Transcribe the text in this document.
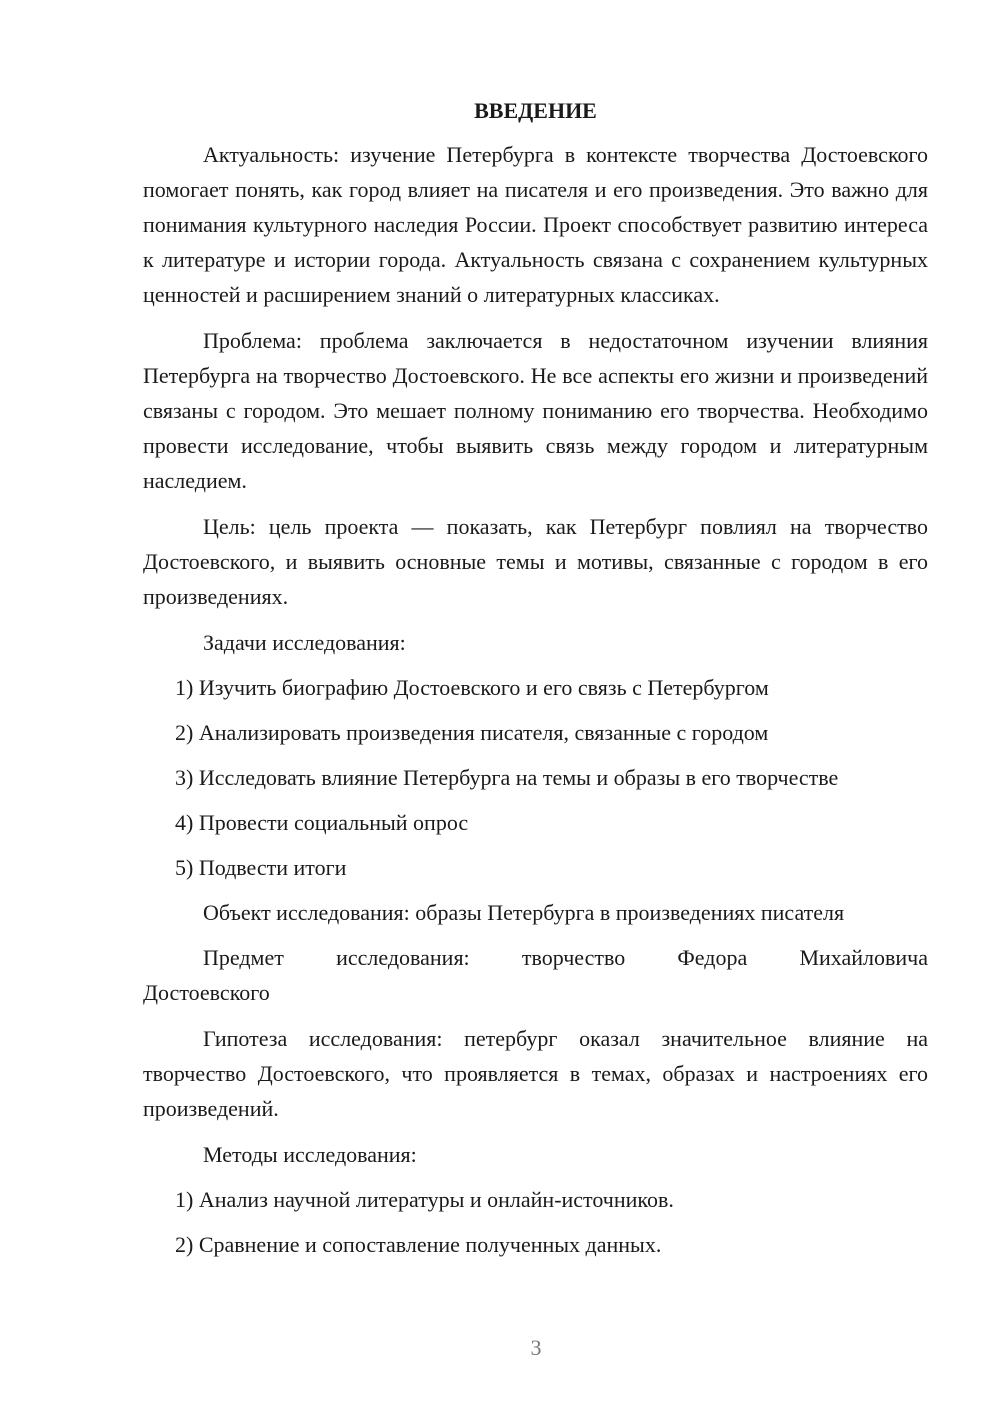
ВВЕДЕНИЕ

Актуальность: изучение Петербурга в контексте творчества Достоевского помогает понять, как город влияет на писателя и его произведения. Это важно для понимания культурного наследия России. Проект способствует развитию интереса к литературе и истории города. Актуальность связана с сохранением культурных ценностей и расширением знаний о литературных классиках.

Проблема: проблема заключается в недостаточном изучении влияния Петербурга на творчество Достоевского. Не все аспекты его жизни и произведений связаны с городом. Это мешает полному пониманию его творчества. Необходимо провести исследование, чтобы выявить связь между городом и литературным наследием.

Цель: цель проекта — показать, как Петербург повлиял на творчество Достоевского, и выявить основные темы и мотивы, связанные с городом в его произведениях.

Задачи исследования:

1) Изучить биографию Достоевского и его связь с Петербургом

2) Анализировать произведения писателя, связанные с городом

3) Исследовать влияние Петербурга на темы и образы в его творчестве

4) Провести социальный опрос

5) Подвести итоги

Объект исследования: образы Петербурга в произведениях писателя

Предмет исследования: творчество Федора Михайловича
Достоевского

Гипотеза исследования: петербург оказал значительное влияние на творчество Достоевского, что проявляется в темах, образах и настроениях его произведений.

Методы исследования:

1) Анализ научной литературы и онлайн-источников.

2) Сравнение и сопоставление полученных данных.

3
